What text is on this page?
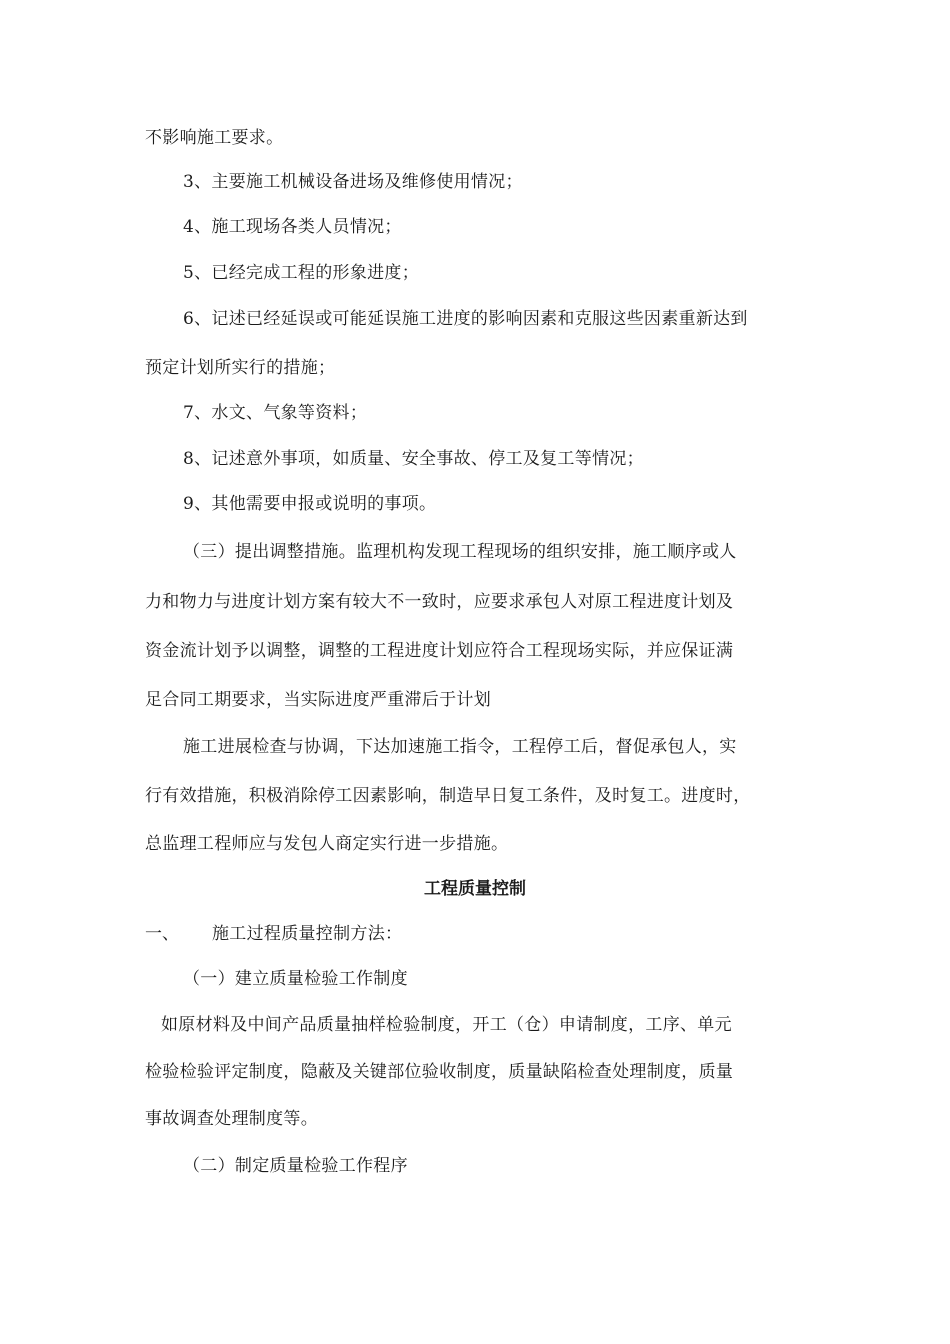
不影响施工要求。
3、主要施工机械设备进场及维修使用情况；
4、施工现场各类人员情况；
5、已经完成工程的形象进度；
6、记述已经延误或可能延误施工进度的影响因素和克服这些因素重新达到
预定计划所实行的措施；
7、水文、气象等资料；
8、记述意外事项，如质量、安全事故、停工及复工等情况；
9、其他需要申报或说明的事项。
（三）提出调整措施。监理机构发现工程现场的组织安排，施工顺序或人
力和物力与进度计划方案有较大不一致时，应要求承包人对原工程进度计划及
资金流计划予以调整，调整的工程进度计划应符合工程现场实际，并应保证满
足合同工期要求，当实际进度严重滞后于计划
施工进展检查与协调，下达加速施工指令，工程停工后，督促承包人，实
行有效措施，积极消除停工因素影响，制造早日复工条件，及时复工。进度时，
总监理工程师应与发包人商定实行进一步措施。
工程质量控制
一、 施工过程质量控制方法：
（一）建立质量检验工作制度
如原材料及中间产品质量抽样检验制度，开工（仓）申请制度，工序、单元
检验检验评定制度，隐蔽及关键部位验收制度，质量缺陷检查处理制度，质量
事故调查处理制度等。
（二）制定质量检验工作程序
